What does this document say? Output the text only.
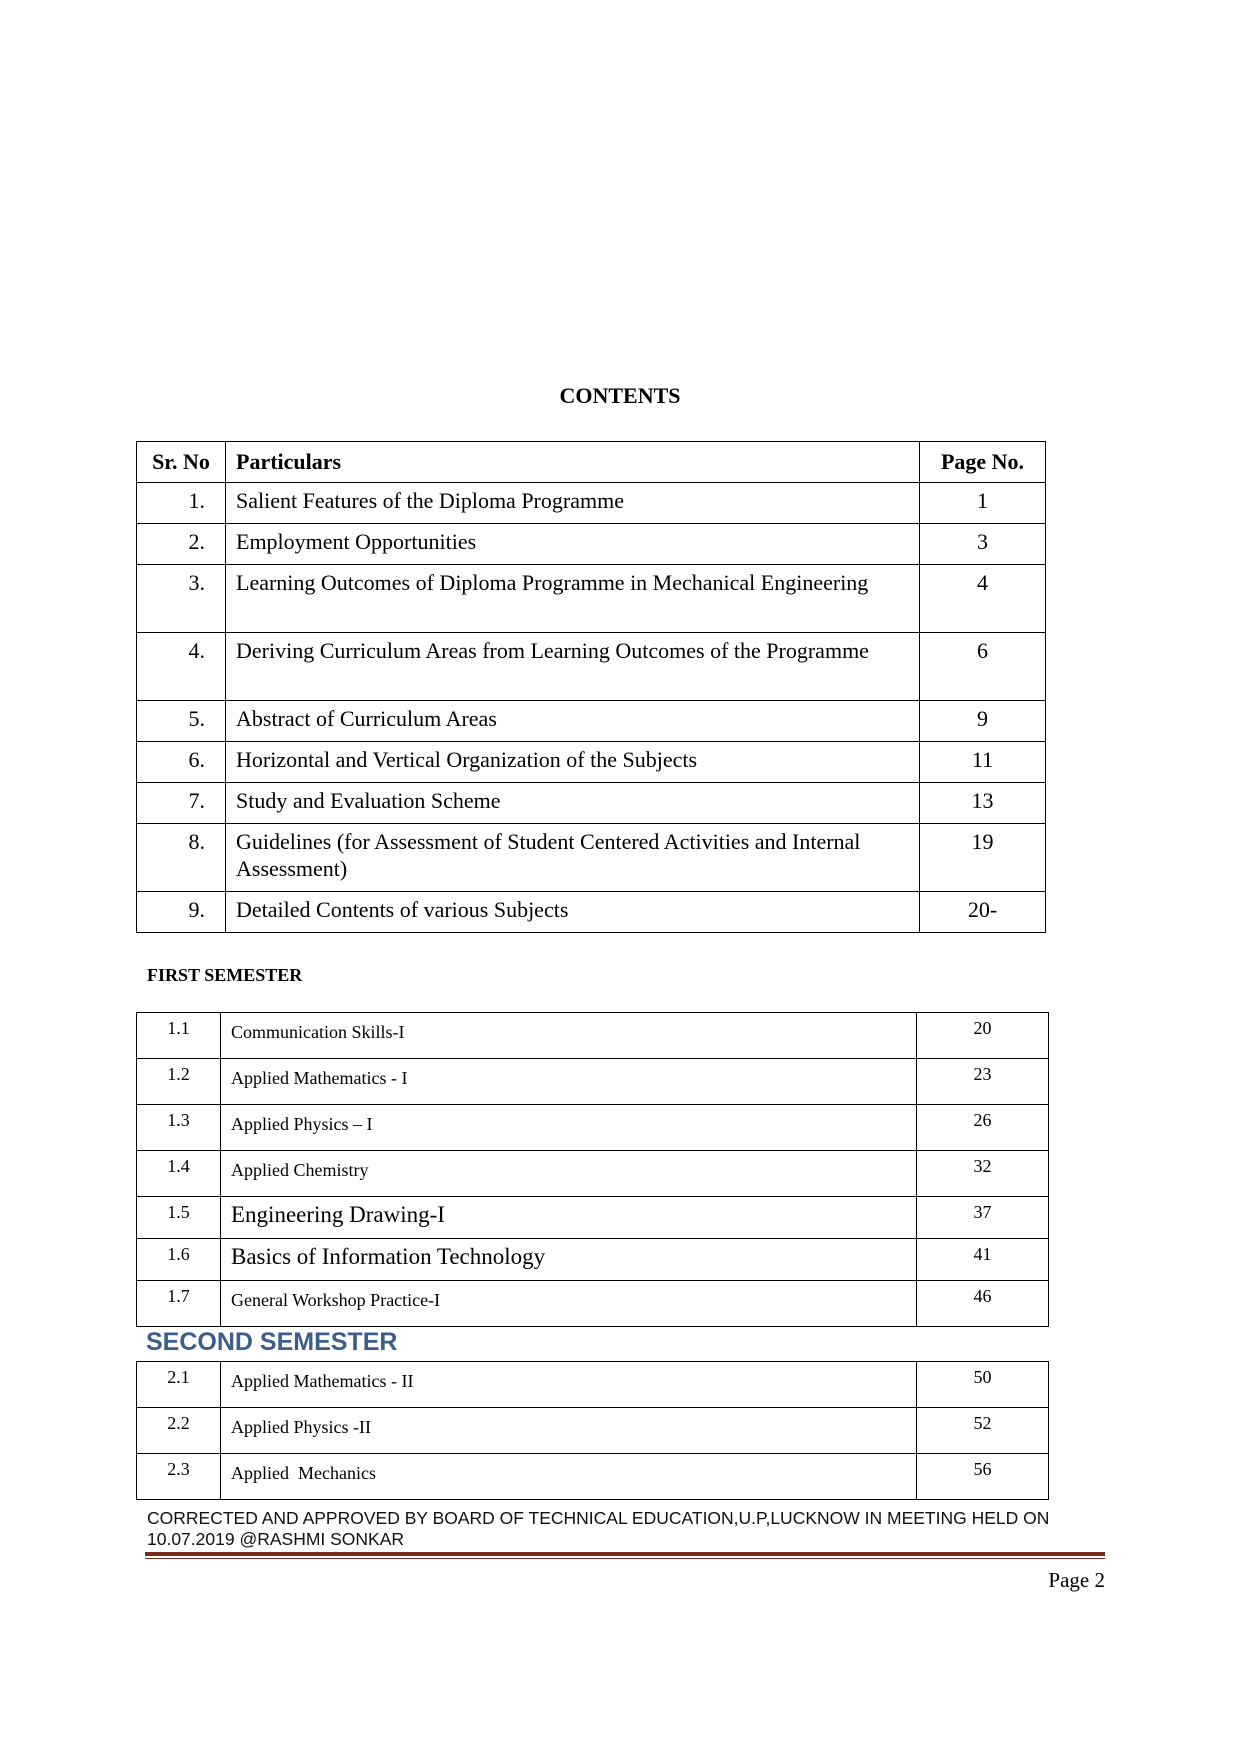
CONTENTS
Sr. No	Particulars	Page No.
1.	Salient Features of the Diploma Programme	1
2.	Employment Opportunities	3
3.	Learning Outcomes of Diploma Programme in Mechanical Engineering	4
4.	Deriving Curriculum Areas from Learning Outcomes of the Programme	6
5.	Abstract of Curriculum Areas	9
6.	Horizontal and Vertical Organization of the Subjects	11
7.	Study and Evaluation Scheme	13
8.	Guidelines (for Assessment of Student Centered Activities and Internal Assessment)	19
9.	Detailed Contents of various Subjects	20-
FIRST SEMESTER
1.1	Communication Skills-I	20
1.2	Applied Mathematics - I	23
1.3	Applied Physics – I	26
1.4	Applied Chemistry	32
1.5	Engineering Drawing-I	37
1.6	Basics of Information Technology	41
1.7	General Workshop Practice-I	46
SECOND SEMESTER
2.1	Applied Mathematics - II	50
2.2	Applied Physics -II	52
2.3	Applied  Mechanics	56
CORRECTED AND APPROVED BY BOARD OF TECHNICAL EDUCATION,U.P,LUCKNOW IN MEETING HELD ON 10.07.2019 @RASHMI SONKAR
Page 2
